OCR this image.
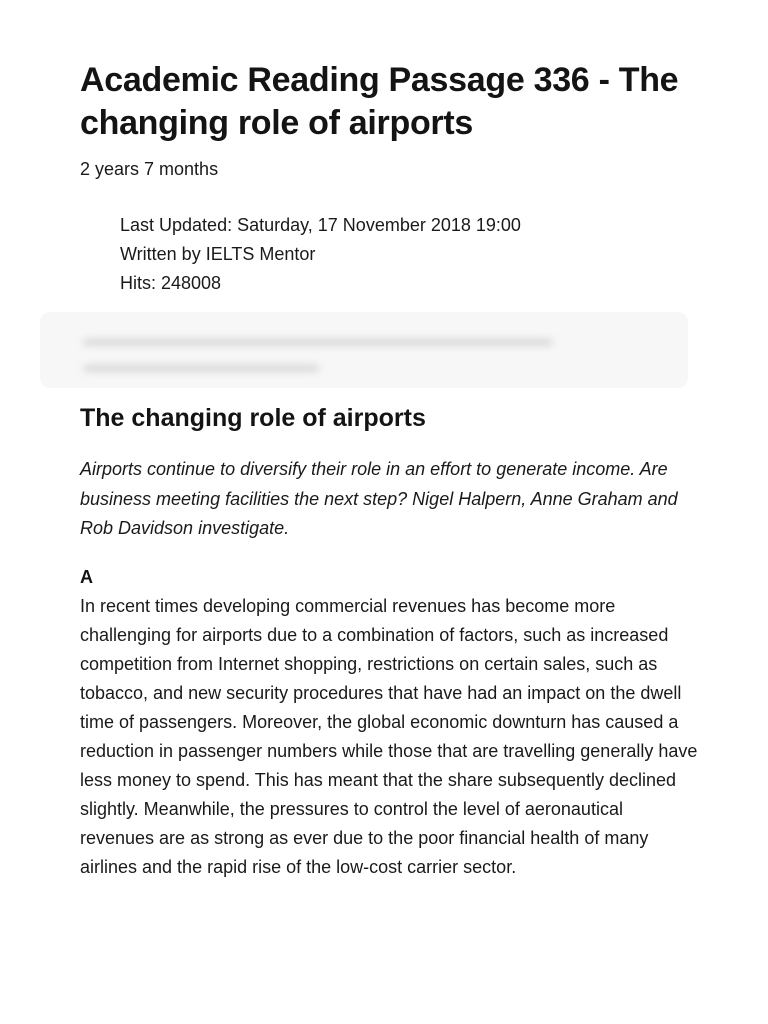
Academic Reading Passage 336 - The changing role of airports

2 years 7 months

Last Updated: Saturday, 17 November 2018 19:00
Written by IELTS Mentor
Hits: 248008
▬▬▬▬▬▬▬▬▬▬▬▬▬▬▬▬▬▬▬▬▬▬▬▬▬▬
▬▬▬▬▬▬▬▬▬▬▬▬▬
The changing role of airports

Airports continue to diversify their role in an effort to generate income. Are business meeting facilities the next step? Nigel Halpern, Anne Graham and Rob Davidson investigate.

A

In recent times developing commercial revenues has become more challenging for airports due to a combination of factors, such as increased competition from Internet shopping, restrictions on certain sales, such as tobacco, and new security procedures that have had an impact on the dwell time of passengers. Moreover, the global economic downturn has caused a reduction in passenger numbers while those that are travelling generally have less money to spend. This has meant that the share subsequently declined slightly. Meanwhile, the pressures to control the level of aeronautical revenues are as strong as ever due to the poor financial health of many airlines and the rapid rise of the low-cost carrier sector.
